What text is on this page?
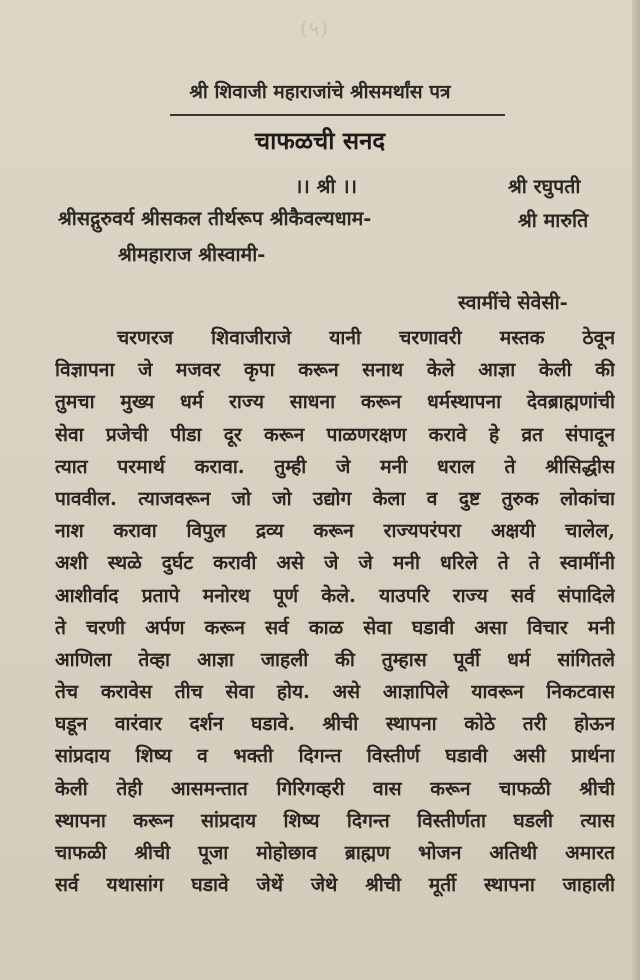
(५)
श्री शिवाजी महाराजांचे श्रीसमर्थांस पत्र
चाफळची सनद
।। श्री ।।	श्री रघुपती
श्रीसद्गुरुवर्य श्रीसकल तीर्थरूप श्रीकैवल्यधाम-	श्री मारुति
श्रीमहाराज श्रीस्वामी-
स्वामींचे सेवेसी-
चरणरज शिवाजीराजे यानी चरणावरी मस्तक ठेवून
विज्ञापना जे मजवर कृपा करून सनाथ केले आज्ञा केली की
तुमचा मुख्य धर्म राज्य साधना करून धर्मस्थापना देवब्राह्मणांची
सेवा प्रजेची पीडा दूर करून पाळणरक्षण करावे हे व्रत संपादून
त्यात परमार्थ करावा. तुम्ही जे मनी धराल ते श्रीसिद्धीस
पाववील. त्याजवरून जो जो उद्योग केला व दुष्ट तुरुक लोकांचा
नाश करावा विपुल द्रव्य करून राज्यपरंपरा अक्षयी चालेल,
अशी स्थळे दुर्घट करावी असे जे जे मनी धरिले ते ते स्वामींनी
आशीर्वाद प्रतापे मनोरथ पूर्ण केले. याउपरि राज्य सर्व संपादिले
ते चरणी अर्पण करून सर्व काळ सेवा घडावी असा विचार मनी
आणिला तेव्हा आज्ञा जाहली की तुम्हास पूर्वी धर्म सांगितले
तेच करावेस तीच सेवा होय. असे आज्ञापिले यावरून निकटवास
घडून वारंवार दर्शन घडावे. श्रीची स्थापना कोठे तरी होऊन
सांप्रदाय शिष्य व भक्ती दिगन्त विस्तीर्ण घडावी असी प्रार्थना
केली तेही आसमन्तात गिरिगव्हरी वास करून चाफळी श्रीची
स्थापना करून सांप्रदाय शिष्य दिगन्त विस्तीर्णता घडली त्यास
चाफळी श्रीची पूजा मोहोछाव ब्राह्मण भोजन अतिथी अमारत
सर्व यथासांग घडावे जेथें जेथे श्रीची मूर्ती स्थापना जाहाली
